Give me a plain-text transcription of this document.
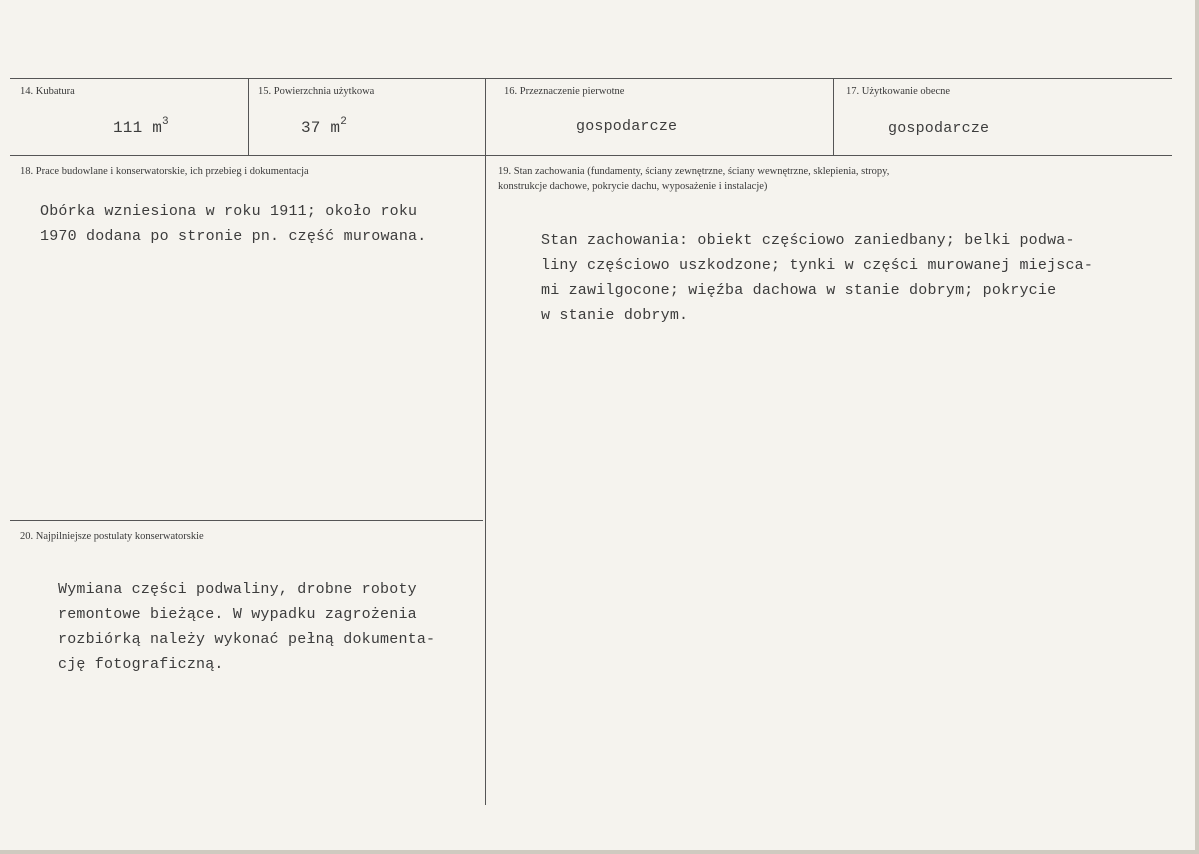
14. Kubatura
111 $m^3$
15. Powierzchnia użytkowa
37 $m^2$
16. Przeznaczenie pierwotne
gospodarcze
17. Użytkowanie obecne
gospodarcze
18. Prace budowlane i konserwatorskie, ich przebieg i dokumentacja
Obórka wzniesiona w roku 1911; około roku
1970 dodana po stronie pn. część murowana.
19. Stan zachowania (fundamenty, ściany zewnętrzne, ściany wewnętrzne, sklepienia, stropy,
konstrukcje dachowe, pokrycie dachu, wyposażenie i instalacje)
Stan zachowania: obiekt częściowo zaniedbany; belki podwa-
liny częściowo uszkodzone; tynki w części murowanej miejsca-
mi zawilgocone; więźba dachowa w stanie dobrym; pokrycie
w stanie dobrym.
20. Najpilniejsze postulaty konserwatorskie
Wymiana części podwaliny, drobne roboty
remontowe bieżące. W wypadku zagrożenia
rozbiórką należy wykonać pełną dokumenta-
cję fotograficzną.
